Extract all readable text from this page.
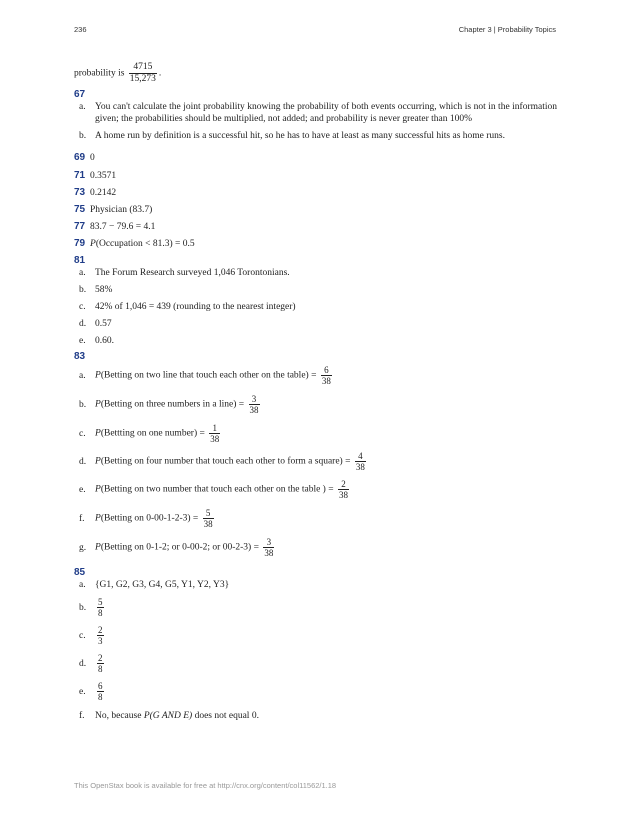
236	Chapter 3 | Probability Topics
probability is $\frac{4715}{15,273}$ .
67
a. You can't calculate the joint probability knowing the probability of both events occurring, which is not in the information given; the probabilities should be multiplied, not added; and probability is never greater than 100%
b. A home run by definition is a successful hit, so he has to have at least as many successful hits as home runs.
69 0
71 0.3571
73 0.2142
75 Physician (83.7)
77 83.7 − 79.6 = 4.1
79 P(Occupation < 81.3) = 0.5
81
a. The Forum Research surveyed 1,046 Torontonians.
b. 58%
c. 42% of 1,046 = 439 (rounding to the nearest integer)
d. 0.57
e. 0.60.
83
a. P(Betting on two line that touch each other on the table) = $\frac{6}{38}$
b. P(Betting on three numbers in a line) = $\frac{3}{38}$
c. P(Bettting on one number) = $\frac{1}{38}$
d. P(Betting on four number that touch each other to form a square) = $\frac{4}{38}$
e. P(Betting on two number that touch each other on the table ) = $\frac{2}{38}$
f.	P(Betting on $0-00-1-2-3) = \frac{5}{38}$
g. P(Betting on 0-1-2; or 0-00-2; or $00-2-3) = \frac{3}{38}$
85
a. {G1, G2, G3, G4, G5, Y1, Y2, Y3}
b.	$\frac{5}{8}$
c.	$\frac{2}{3}$
d.	$\frac{2}{8}$
e.	$\frac{6}{8}$
f.	No, because P(G AND E) does not equal 0.
This OpenStax book is available for free at http://cnx.org/content/col11562/1.18
